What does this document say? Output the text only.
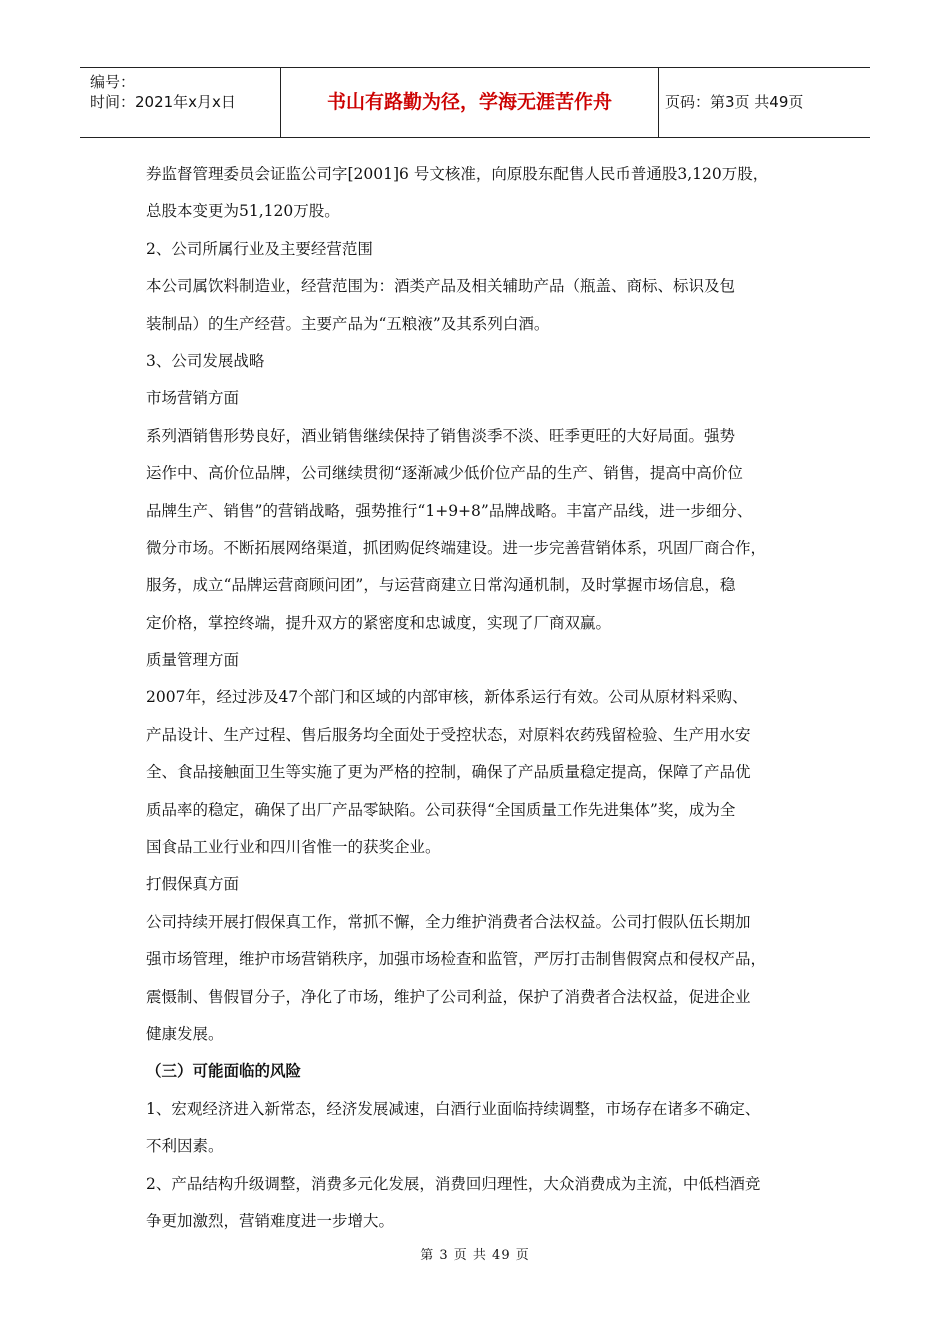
编号：
时间：2021年x月x日	书山有路勤为径，学海无涯苦作舟	页码：第3页 共49页
券监督管理委员会证监公司字[2001]6 号文核准，向原股东配售人民币普通股3,120万股，
总股本变更为51,120万股。
2、公司所属行业及主要经营范围
本公司属饮料制造业，经营范围为：酒类产品及相关辅助产品（瓶盖、商标、标识及包
装制品）的生产经营。主要产品为“五粮液”及其系列白酒。
3、公司发展战略
市场营销方面
系列酒销售形势良好，酒业销售继续保持了销售淡季不淡、旺季更旺的大好局面。强势
运作中、高价位品牌，公司继续贯彻“逐渐减少低价位产品的生产、销售，提高中高价位
品牌生产、销售”的营销战略，强势推行“1+9+8”品牌战略。丰富产品线，进一步细分、
微分市场。不断拓展网络渠道，抓团购促终端建设。进一步完善营销体系，巩固厂商合作，
服务，成立“品牌运营商顾问团”，与运营商建立日常沟通机制，及时掌握市场信息，稳
定价格，掌控终端，提升双方的紧密度和忠诚度，实现了厂商双赢。
质量管理方面
2007年，经过涉及47个部门和区域的内部审核，新体系运行有效。公司从原材料采购、
产品设计、生产过程、售后服务均全面处于受控状态，对原料农药残留检验、生产用水安
全、食品接触面卫生等实施了更为严格的控制，确保了产品质量稳定提高，保障了产品优
质品率的稳定，确保了出厂产品零缺陷。公司获得“全国质量工作先进集体”奖，成为全
国食品工业行业和四川省惟一的获奖企业。
打假保真方面
公司持续开展打假保真工作，常抓不懈，全力维护消费者合法权益。公司打假队伍长期加
强市场管理，维护市场营销秩序，加强市场检查和监管，严厉打击制售假窝点和侵权产品，
震慑制、售假冒分子，净化了市场，维护了公司利益，保护了消费者合法权益，促进企业
健康发展。
（三）可能面临的风险
1、宏观经济进入新常态，经济发展减速，白酒行业面临持续调整，市场存在诸多不确定、
不利因素。
2、产品结构升级调整，消费多元化发展，消费回归理性，大众消费成为主流，中低档酒竞
争更加激烈，营销难度进一步增大。
第 3 页 共 49 页
